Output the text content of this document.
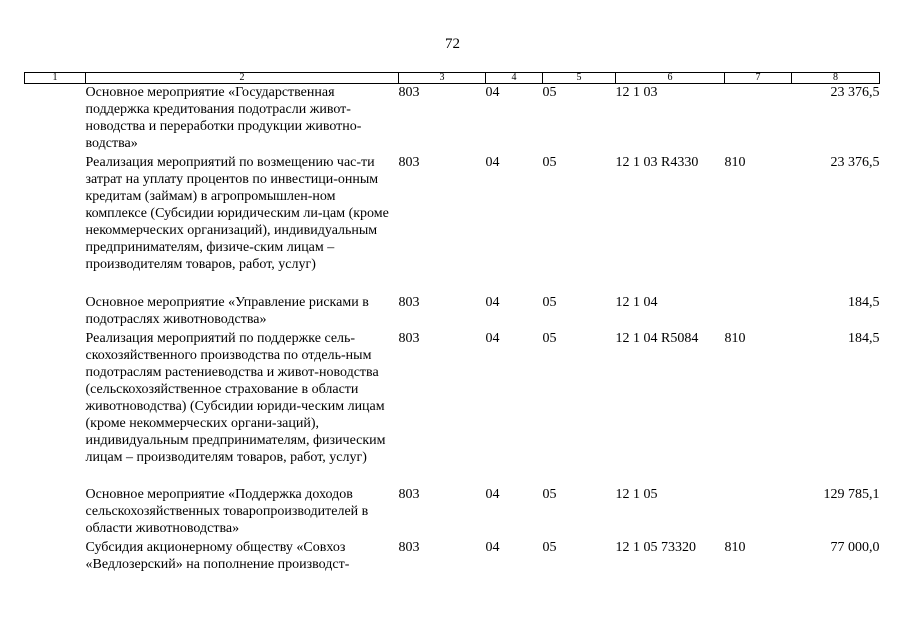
72
1	2	3	4	5	6	7	8
	Основное мероприятие «Государственная поддержка кредитования подотрасли живот-новодства и переработки продукции животно-водства»	803	04	05	12 1 03		23 376,5
	Реализация мероприятий по возмещению час-ти затрат на уплату процентов по инвестици-онным кредитам (займам) в агропромышлен-ном комплексе (Субсидии юридическим ли-цам (кроме некоммерческих организаций), индивидуальным предпринимателям, физиче-ским лицам – производителям товаров, работ, услуг)	803	04	05	12 1 03 R4330	810	23 376,5
	Основное мероприятие «Управление рисками в подотраслях животноводства»	803	04	05	12 1 04		184,5
	Реализация мероприятий по поддержке сель-скохозяйственного производства по отдель-ным подотраслям растениеводства и живот-новодства (сельскохозяйственное страхование в области животноводства) (Субсидии юриди-ческим лицам (кроме некоммерческих органи-заций), индивидуальным предпринимателям, физическим лицам – производителям товаров, работ, услуг)	803	04	05	12 1 04 R5084	810	184,5
	Основное мероприятие «Поддержка доходов сельскохозяйственных товаропроизводителей в области животноводства»	803	04	05	12 1 05		129 785,1
	Субсидия акционерному обществу «Совхоз «Ведлозерский» на пополнение производст-	803	04	05	12 1 05 73320	810	77 000,0
